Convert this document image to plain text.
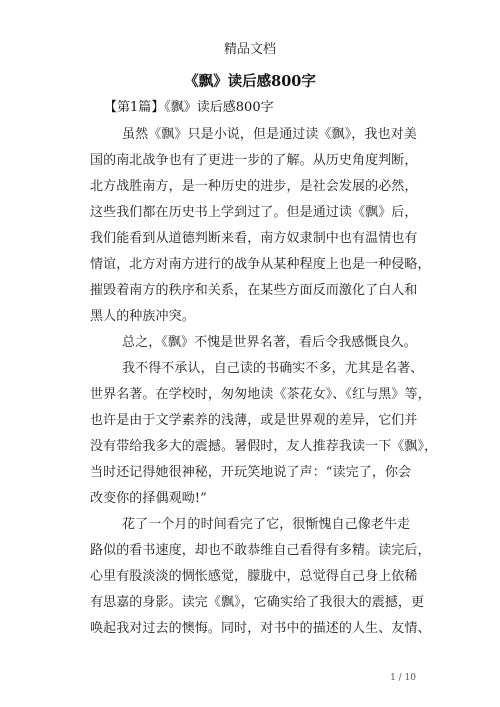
精品文档
《飘》读后感800字
【第1篇】《飘》读后感800字
虽然《飘》只是小说，但是通过读《飘》，我也对美
国的南北战争也有了更进一步的了解。从历史角度判断，
北方战胜南方，是一种历史的进步，是社会发展的必然，
这些我们都在历史书上学到过了。但是通过读《飘》后，
我们能看到从道德判断来看，南方奴隶制中也有温情也有
情谊，北方对南方进行的战争从某种程度上也是一种侵略，
摧毁着南方的秩序和关系，在某些方面反而激化了白人和
黑人的种族冲突。
总之，《飘》不愧是世界名著，看后令我感慨良久。
我不得不承认，自己读的书确实不多，尤其是名著、
世界名著。在学校时，匆匆地读《茶花女》、《红与黑》等，
也许是由于文学素养的浅薄，或是世界观的差异，它们并
没有带给我多大的震撼。暑假时，友人推荐我读一下《飘》，
当时还记得她很神秘，开玩笑地说了声：“读完了，你会
改变你的择偶观呦!”
花了一个月的时间看完了它，很惭愧自己像老牛走
路似的看书速度，却也不敢恭维自己看得有多精。读完后，
心里有股淡淡的惆怅感觉，朦胧中，总觉得自己身上依稀
有思嘉的身影。读完《飘》，它确实给了我很大的震撼，更
唤起我对过去的懊悔。同时，对书中的描述的人生、友情、
1 / 10
